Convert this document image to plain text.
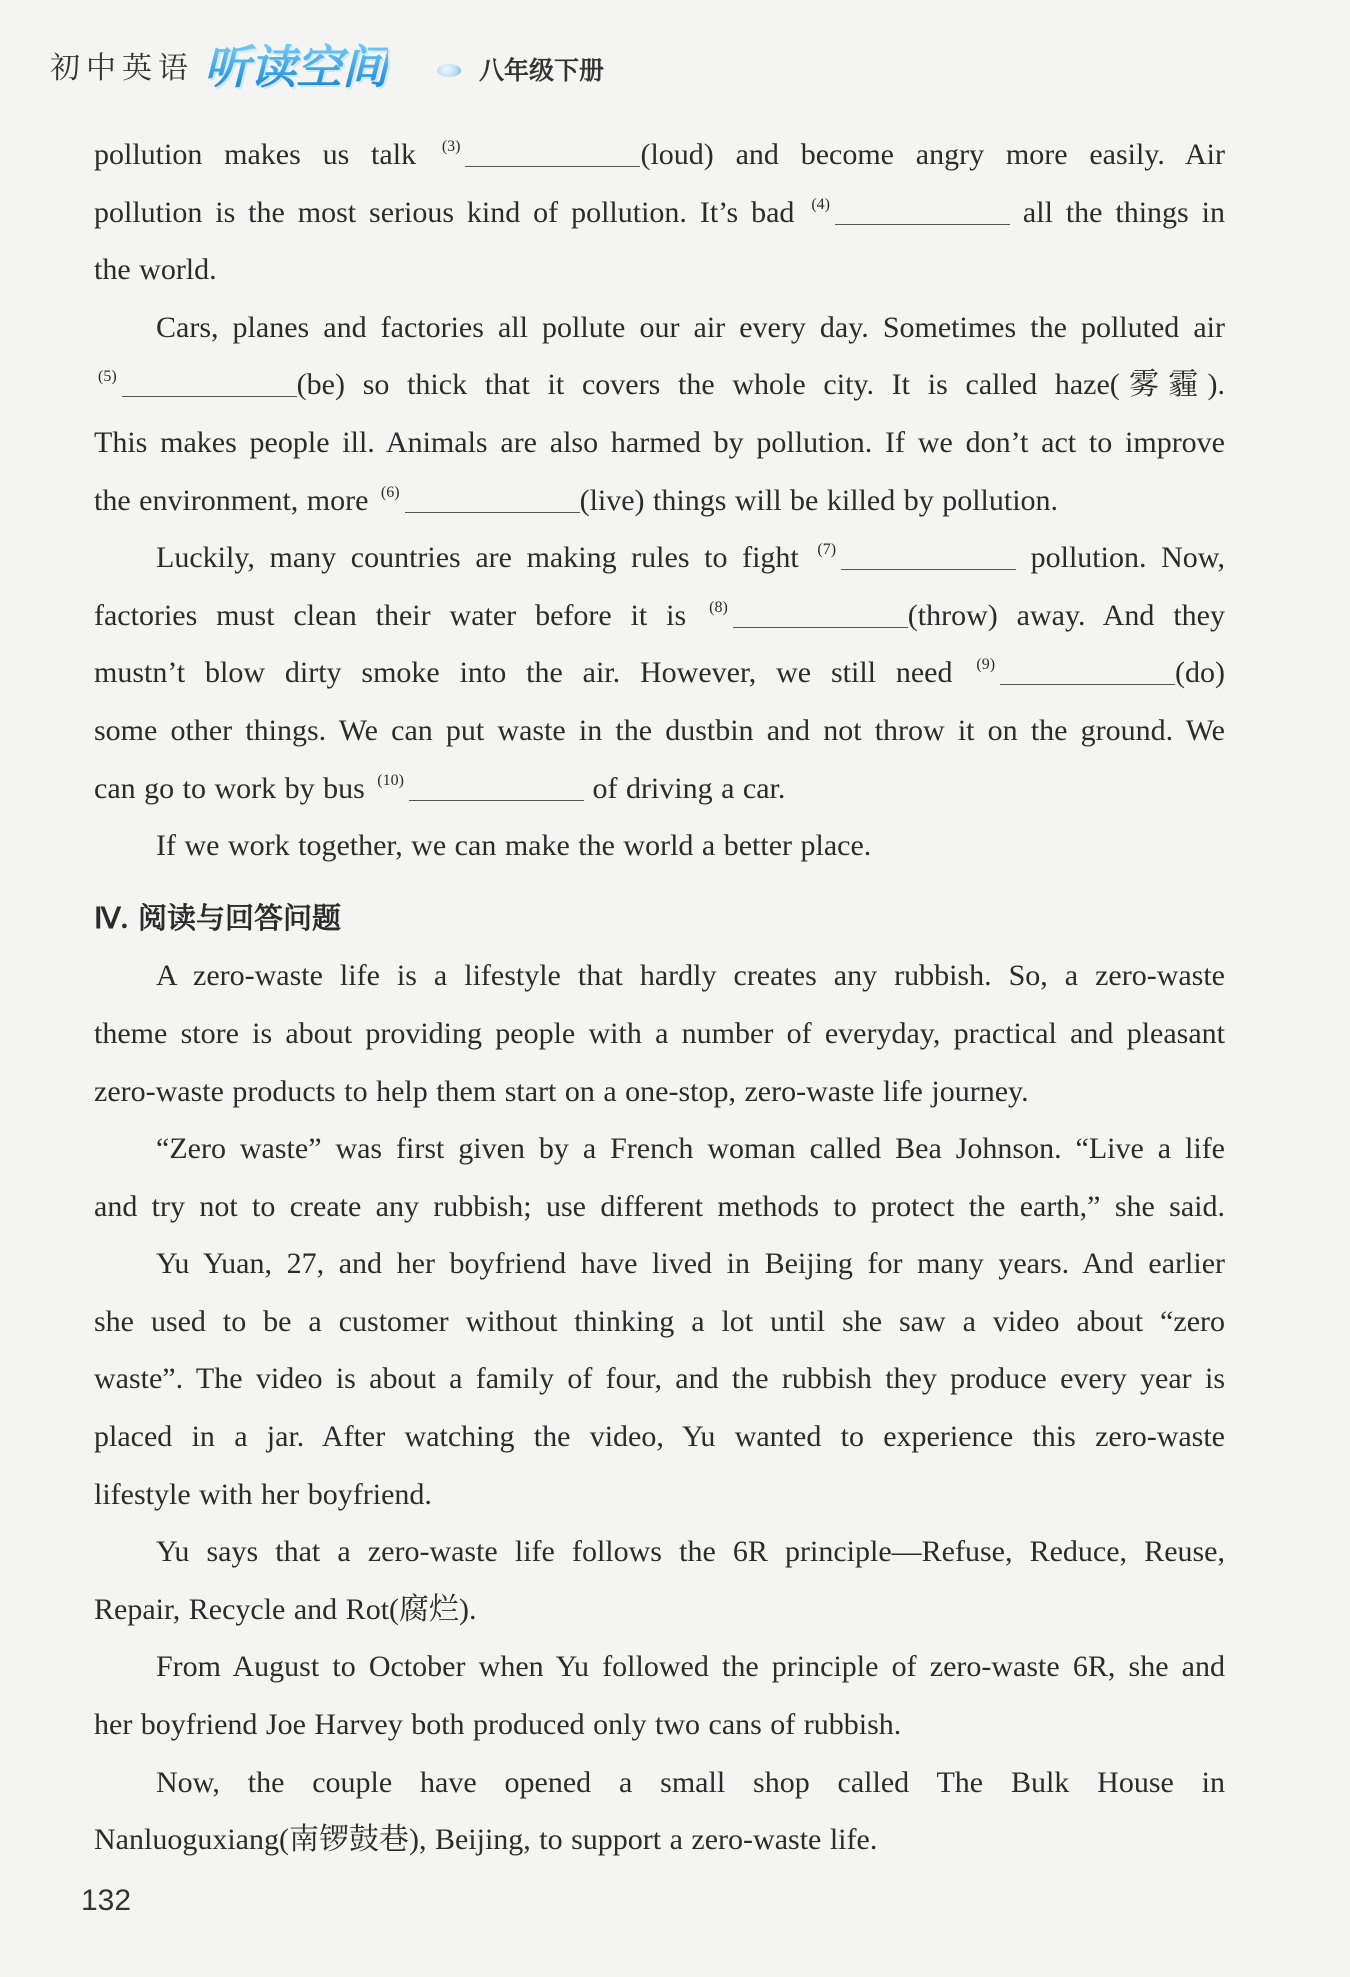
初中英语 听读空间	八年级下册
pollution makes us talk $^{(3)}$	(loud) and become angry more easily. Air
pollution is the most serious kind of pollution. It’s bad $^{(4)}$	all the things in
the world.
Cars, planes and factories all pollute our air every day. Sometimes the polluted air
$^{(5)}$	(be) so thick that it covers the whole city. It is called haze(雾霾).
This makes people ill. Animals are also harmed by pollution. If we don’t act to improve
the environment, more $^{(6)}$	(live) things will be killed by pollution.
Luckily, many countries are making rules to fight $^{(7)}$	pollution. Now,
factories must clean their water before it is $^{(8)}$	(throw) away. And they
mustn’t blow dirty smoke into the air. However, we still need $^{(9)}$	(do)
some other things. We can put waste in the dustbin and not throw it on the ground. We
can go to work by bus $^{(10)}$	of driving a car.
If we work together, we can make the world a better place.
Ⅳ. 阅读与回答问题
A zero-waste life is a lifestyle that hardly creates any rubbish. So, a zero-waste
theme store is about providing people with a number of everyday, practical and pleasant
zero-waste products to help them start on a one-stop, zero-waste life journey.
“Zero waste” was first given by a French woman called Bea Johnson. “Live a life
and try not to create any rubbish; use different methods to protect the earth,” she said.
Yu Yuan, 27, and her boyfriend have lived in Beijing for many years. And earlier
she used to be a customer without thinking a lot until she saw a video about “zero
waste”. The video is about a family of four, and the rubbish they produce every year is
placed in a jar. After watching the video, Yu wanted to experience this zero-waste
lifestyle with her boyfriend.
Yu says that a zero-waste life follows the 6R principle—Refuse, Reduce, Reuse,
Repair, Recycle and Rot(腐烂).
From August to October when Yu followed the principle of zero-waste 6R, she and
her boyfriend Joe Harvey both produced only two cans of rubbish.
Now, the couple have opened a small shop called The Bulk House in
Nanluoguxiang(南锣鼓巷), Beijing, to support a zero-waste life.
132
